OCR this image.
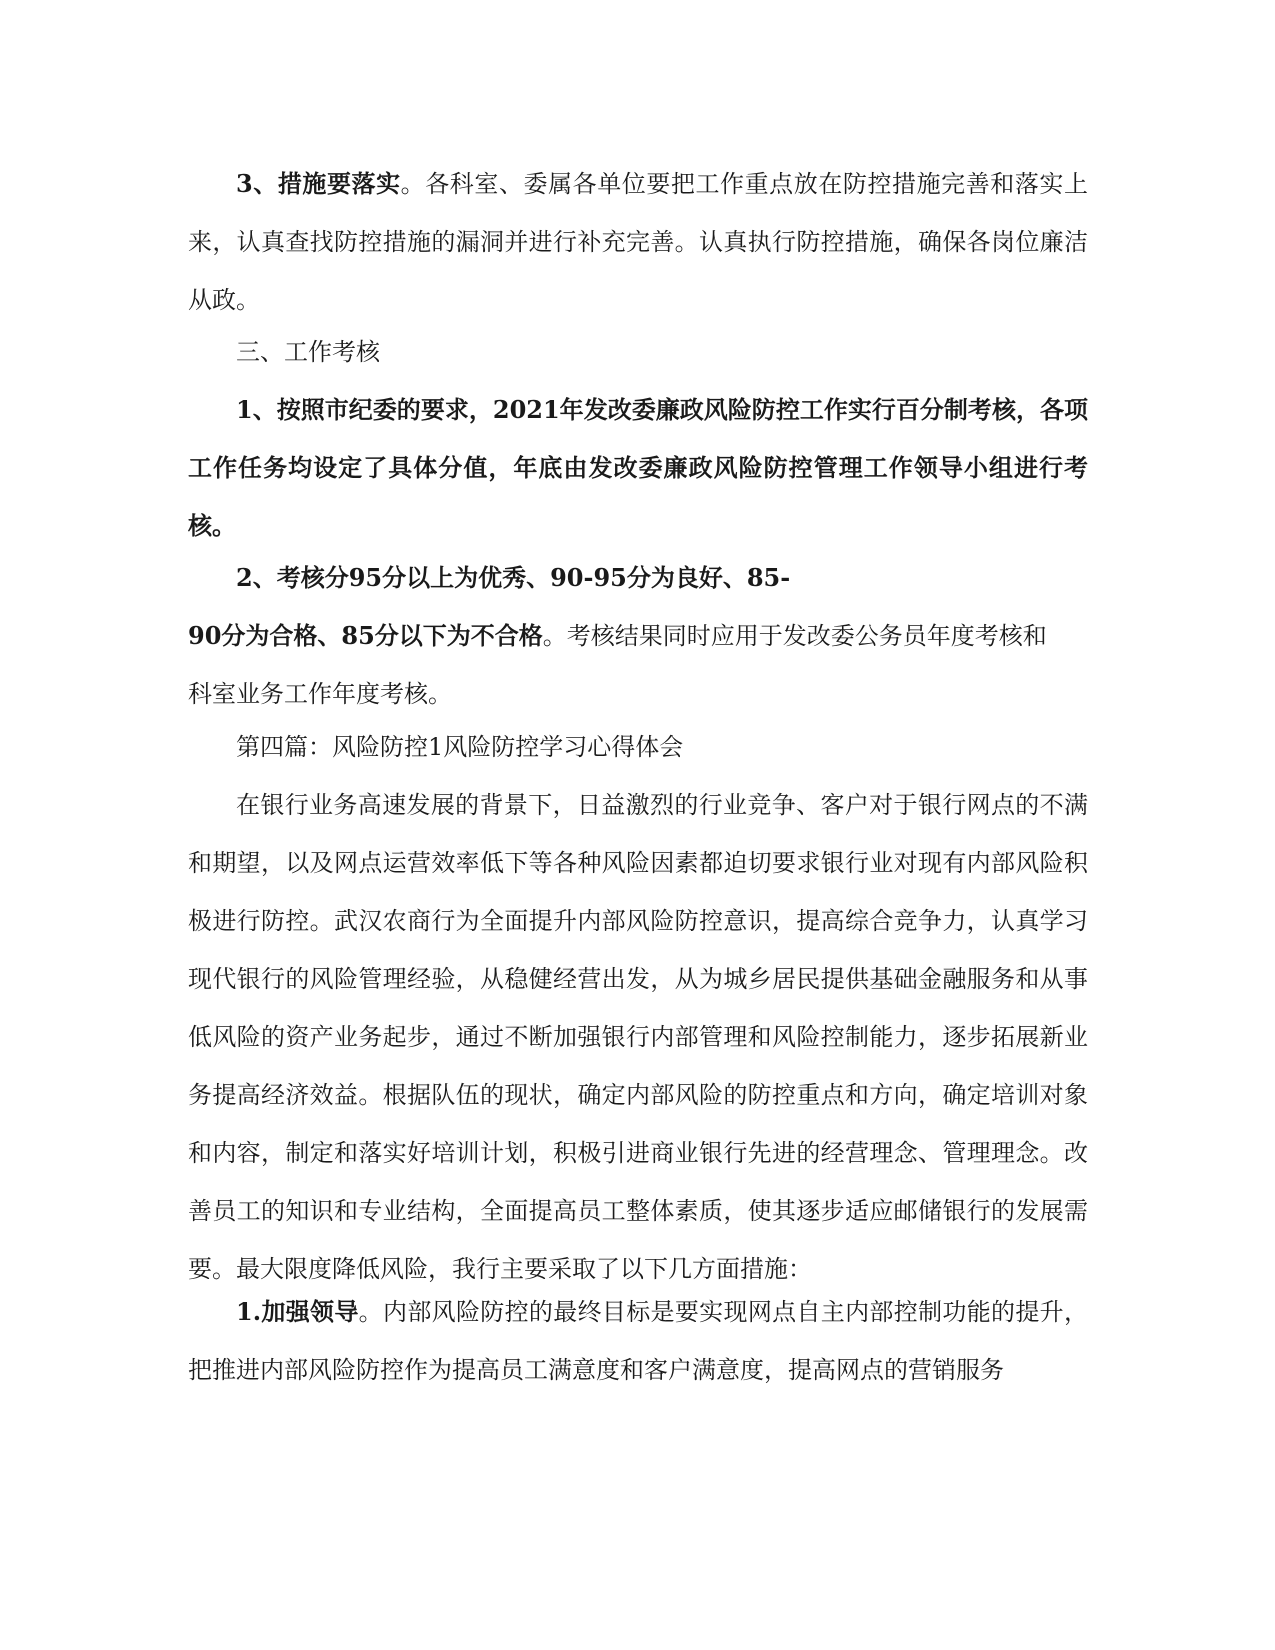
3、措施要落实。各科室、委属各单位要把工作重点放在防控措施完善和落实上来，认真查找防控措施的漏洞并进行补充完善。认真执行防控措施，确保各岗位廉洁从政。

三、工作考核

1、按照市纪委的要求，2021年发改委廉政风险防控工作实行百分制考核，各项工作任务均设定了具体分值，年底由发改委廉政风险防控管理工作领导小组进行考核。

2、考核分95分以上为优秀、90-95分为良好、85-
90分为合格、85分以下为不合格。考核结果同时应用于发改委公务员年度考核和
科室业务工作年度考核。

第四篇：风险防控1风险防控学习心得体会

在银行业务高速发展的背景下，日益激烈的行业竞争、客户对于银行网点的不满和期望，以及网点运营效率低下等各种风险因素都迫切要求银行业对现有内部风险积极进行防控。武汉农商行为全面提升内部风险防控意识，提高综合竞争力，认真学习现代银行的风险管理经验，从稳健经营出发，从为城乡居民提供基础金融服务和从事低风险的资产业务起步，通过不断加强银行内部管理和风险控制能力，逐步拓展新业务提高经济效益。根据队伍的现状，确定内部风险的防控重点和方向，确定培训对象和内容，制定和落实好培训计划，积极引进商业银行先进的经营理念、管理理念。改善员工的知识和专业结构，全面提高员工整体素质，使其逐步适应邮储银行的发展需要。最大限度降低风险，我行主要采取了以下几方面措施：

1.加强领导。内部风险防控的最终目标是要实现网点自主内部控制功能的提升，把推进内部风险防控作为提高员工满意度和客户满意度，提高网点的营销服务
